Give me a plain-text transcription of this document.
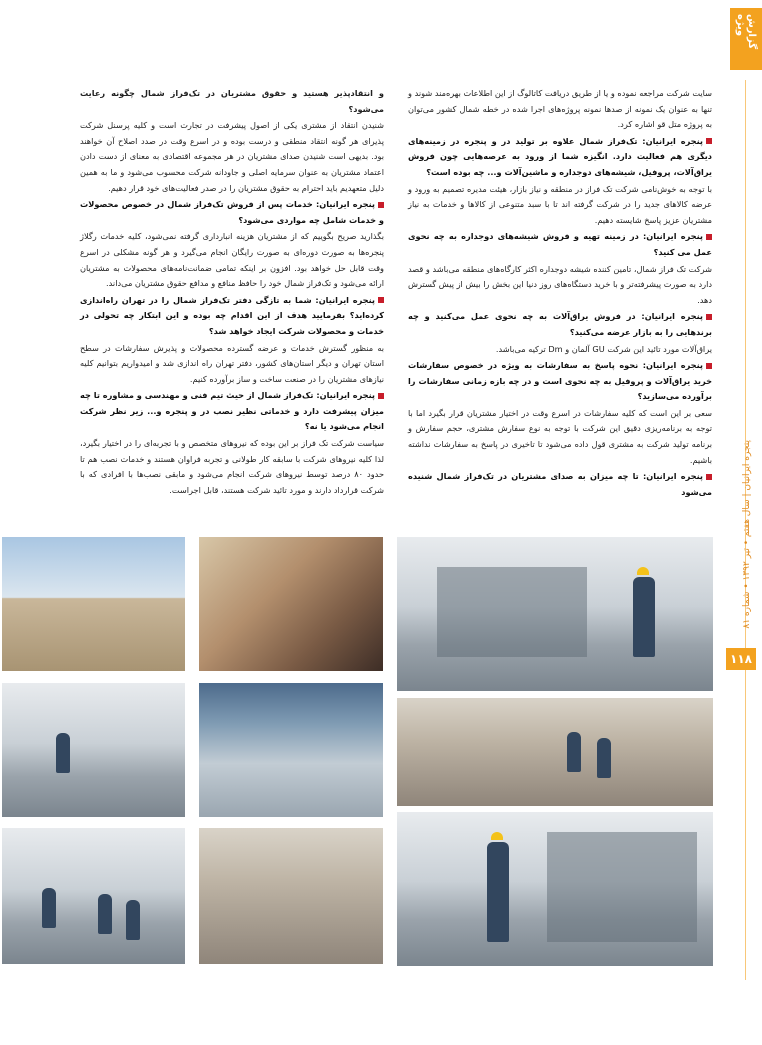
گزارش ویژه
پنجره ایرانیان | سال هفتم • تیر ۱۳۹۲ • شماره ۸۱
۱۱۸

سایت شرکت مراجعه نموده و یا از طریق دریافت کاتالوگ از این اطلاعات بهره‌مند شوند و تنها به عنوان یک نمونه از صدها نمونه پروژه‌های اجرا شده در خطه شمال کشور می‌توان به پروژه متل قو اشاره کرد.

پنجره ایرانیان: تک‌فراز شمال علاوه بر تولید در و پنجره در زمینه‌های دیگری هم فعالیت دارد. انگیزه شما از ورود به عرصه‌هایی چون فروش یراق‌آلات، پروفیل، شیشه‌های دوجداره و ماشین‌آلات و... چه بوده است؟

با توجه به خوش‌نامی شرکت تک فراز در منطقه و نیاز بازار، هیئت مدیره تصمیم به ورود و عرضه کالاهای جدید را در شرکت گرفته اند تا با سبد متنوعی از کالاها و خدمات به نیاز مشتریان عزیز پاسخ شایسته دهیم.

پنجره ایرانیان: در زمینه تهیه و فروش شیشه‌های دوجداره به چه نحوی عمل می کنید؟

شرکت تک فراز شمال، تامین کننده شیشه دوجداره اکثر کارگاه‌های منطقه می‌باشد و قصد دارد به صورت پیشرفته‌تر و با خرید دستگاه‌های روز دنیا این بخش را بیش از پیش گسترش دهد.

پنجره ایرانیان: در فروش یراق‌آلات به چه نحوی عمل می‌کنید و چه برندهایی را به بازار عرضه می‌کنید؟

یراق‌آلات مورد تائید این شرکت GU آلمان و Dm ترکیه می‌باشد.

پنجره ایرانیان: نحوه پاسخ به سفارشات به ویژه در خصوص سفارشات خرید یراق‌آلات و پروفیل به چه نحوی است و در چه بازه زمانی سفارشات را برآورده می‌سازید؟

سعی بر این است که کلیه سفارشات در اسرع وقت در اختیار مشتریان قرار بگیرد اما با توجه به برنامه‌ریزی دقیق این شرکت با توجه به نوع سفارش مشتری، حجم سفارش و برنامه تولید شرکت به مشتری قول داده می‌شود تا تاخیری در پاسخ به سفارشات نداشته باشیم.

پنجره ایرانیان: تا چه میزان به صدای مشتریان در تک‌فراز شمال شنیده می‌شود

و انتقادپذیر هستید و حقوق مشتریان در تک‌فراز شمال چگونه رعایت می‌شود؟

شنیدن انتقاد از مشتری یکی از اصول پیشرفت در تجارت است و کلیه پرسنل شرکت پذیرای هر گونه انتقاد منطقی و درست بوده و در اسرع وقت در صدد اصلاح آن خواهند بود. بدیهی است شنیدن صدای مشتریان در هر مجموعه اقتصادی به معنای از دست دادن اعتماد مشتریان به عنوان سرمایه اصلی و جاودانه شرکت محسوب می‌شود و ما به همین دلیل متعهدیم باید احترام به حقوق مشتریان را در صدر فعالیت‌های خود قرار دهیم.

پنجره ایرانیان: خدمات پس از فروش تک‌فراز شمال در خصوص محصولات و خدمات شامل چه مواردی می‌شود؟

بگذارید صریح بگوییم که از مشتریان هزینه انبارداری گرفته نمی‌شود، کلیه خدمات رگلاژ پنجره‌ها به صورت دوره‌ای به صورت رایگان انجام می‌گیرد و هر گونه مشکلی در اسرع وقت قابل حل خواهد بود. افزون بر اینکه تمامی ضمانت‌نامه‌های محصولات به مشتریان ارائه می‌شود و تک‌فراز شمال خود را حافظ منافع و مدافع حقوق مشتریان می‌داند.

پنجره ایرانیان: شما به تازگی دفتر تک‌فراز شمال را در تهران راه‌اندازی کرده‌اید؟ بفرمایید هدف از این اقدام چه بوده و این ابتکار چه تحولی در خدمات و محصولات شرکت ایجاد خواهد شد؟

به منظور گسترش خدمات و عرضه گسترده محصولات و پذیرش سفارشات در سطح استان تهران و دیگر استان‌های کشور، دفتر تهران راه اندازی شد و امیدواریم بتوانیم کلیه نیازهای مشتریان را در صنعت ساخت و ساز برآورده کنیم.

پنجره ایرانیان: تک‌فراز شمال از حیث تیم فنی و مهندسی و مشاوره تا چه میزان پیشرفت دارد و خدماتی نظیر نصب در و پنجره و... زیر نظر شرکت انجام می‌شود یا نه؟

سیاست شرکت تک فراز بر این بوده که نیروهای متخصص و با تجربه‌ای را در اختیار بگیرد، لذا کلیه نیروهای شرکت با سابقه کار طولانی و تجربه فراوان هستند و خدمات نصب هم تا حدود ۸۰ درصد توسط نیروهای شرکت انجام می‌شود و مابقی نصب‌ها با افرادی که با شرکت قرارداد دارند و مورد تائید شرکت هستند، قابل اجراست.
